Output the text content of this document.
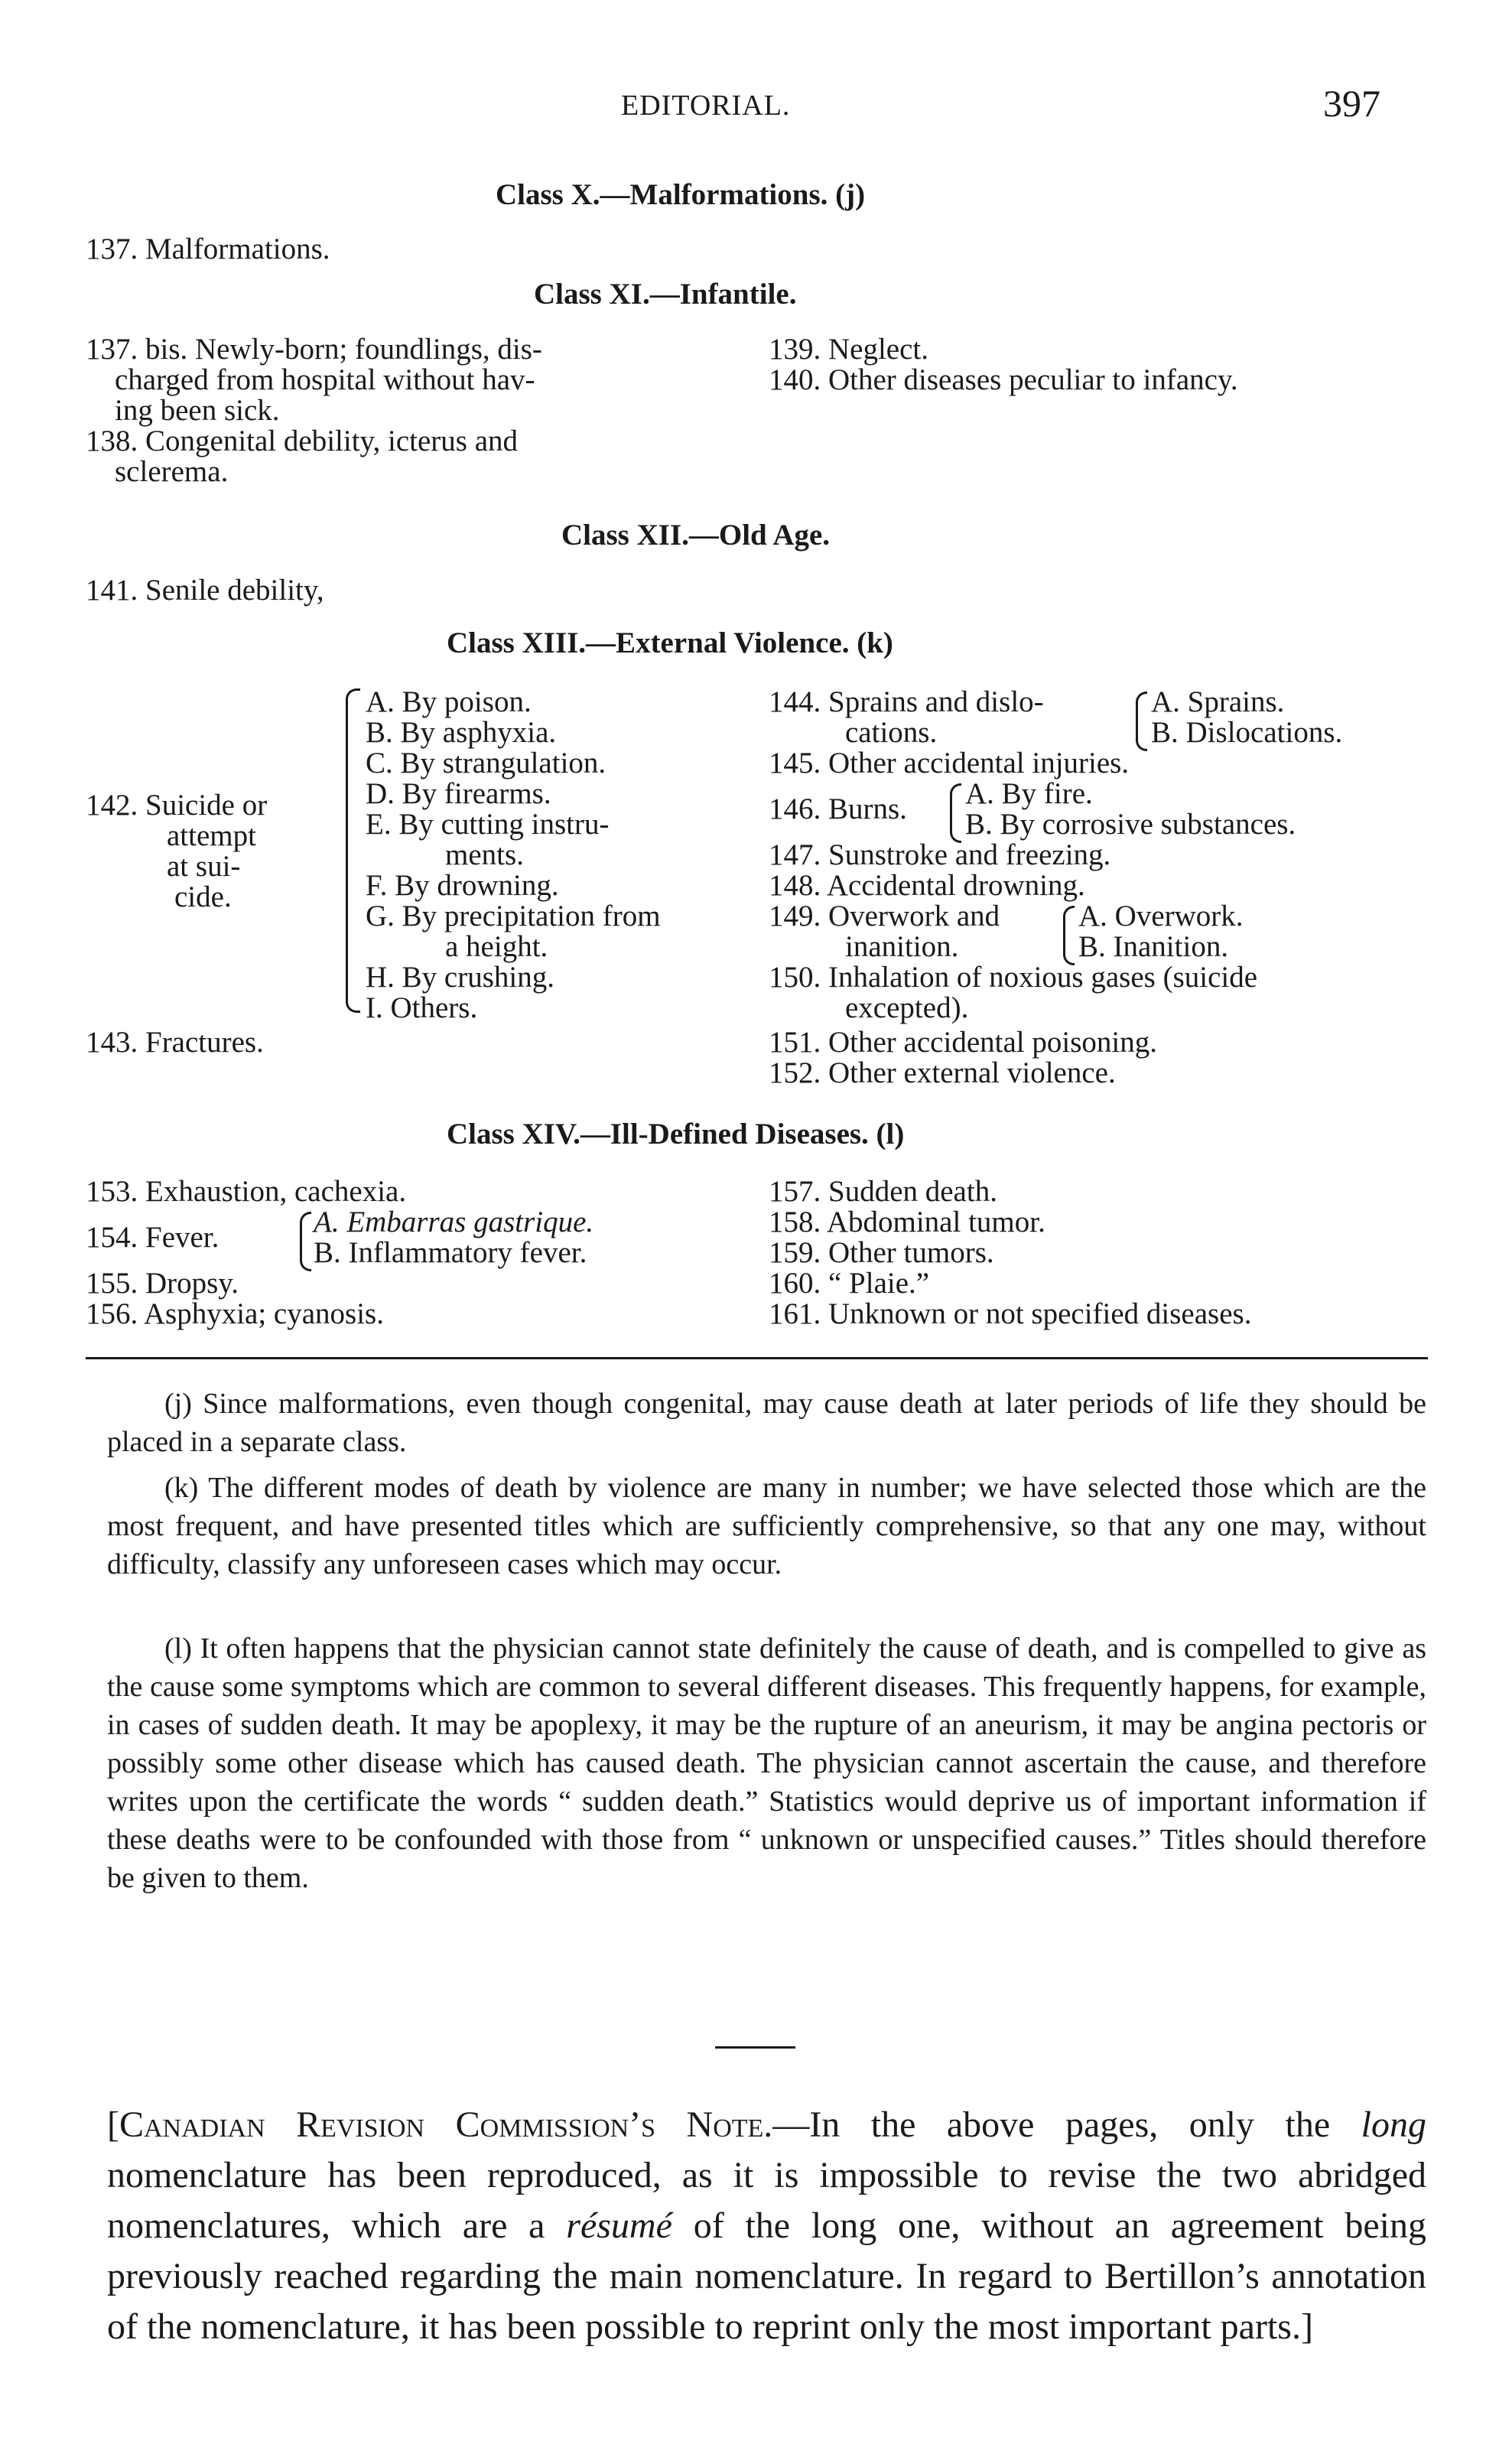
EDITORIAL.	397
Class X.—Malformations. (j)
137. Malformations.
Class XI.—Infantile.
137. bis. Newly-born; foundlings, dis-
charged from hospital without hav-
ing been sick.
138. Congenital debility, icterus and
sclerema.
139. Neglect.
140. Other diseases peculiar to infancy.
Class XII.—Old Age.
141. Senile debility,
Class XIII.—External Violence. (k)
142. Suicide or
attempt
at sui-
cide.
A. By poison.
B. By asphyxia.
C. By strangulation.
D. By firearms.
E. By cutting instru-
ments.
F. By drowning.
G. By precipitation from
a height.
H. By crushing.
I. Others.
143. Fractures.
144. Sprains and dislo-
cations.
A. Sprains.
B. Dislocations.
145. Other accidental injuries.
146. Burns. A. By fire.
B. By corrosive substances.
147. Sunstroke and freezing.
148. Accidental drowning.
149. Overwork and
inanition.
A. Overwork.
B. Inanition.
150. Inhalation of noxious gases (suicide
excepted).
151. Other accidental poisoning.
152. Other external violence.
Class XIV.—Ill-Defined Diseases. (l)
153. Exhaustion, cachexia.
154. Fever.	A. Embarras gastrique.
B. Inflammatory fever.
155. Dropsy.
156. Asphyxia; cyanosis.
157. Sudden death.
158. Abdominal tumor.
159. Other tumors.
160. “ Plaie.”
161. Unknown or not specified diseases.

(j) Since malformations, even though congenital, may cause death at later periods of life they should be placed in a separate class.

(k) The different modes of death by violence are many in number; we have selected those which are the most frequent, and have presented titles which are sufficiently comprehensive, so that any one may, without difficulty, classify any unforeseen cases which may occur.

(l) It often happens that the physician cannot state definitely the cause of death, and is compelled to give as the cause some symptoms which are common to several different diseases. This frequently happens, for example, in cases of sudden death. It may be apoplexy, it may be the rupture of an aneurism, it may be angina pectoris or possibly some other disease which has caused death. The physician cannot ascertain the cause, and therefore writes upon the certificate the words “ sudden death.” Statistics would deprive us of important information if these deaths were to be confounded with those from “ unknown or unspecified causes.” Titles should therefore be given to them.

[Canadian Revision Commission’s Note.—In the above pages, only the long nomenclature has been reproduced, as it is impossible to revise the two abridged nomenclatures, which are a résumé of the long one, without an agreement being previously reached regarding the main nomenclature. In regard to Bertillon’s annotation of the nomenclature, it has been possible to reprint only the most important parts.]
